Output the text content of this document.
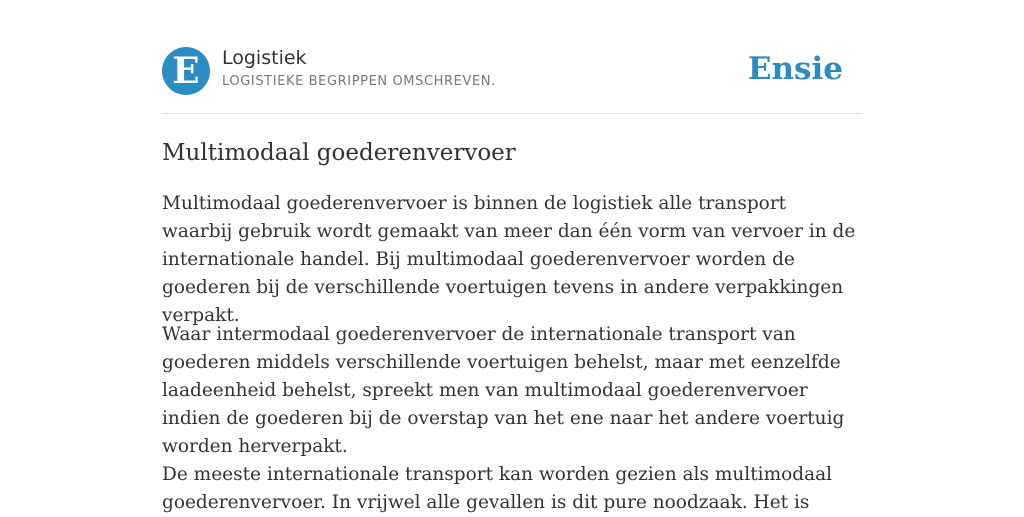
E	Logistiek
LOGISTIEKE BEGRIPPEN OMSCHREVEN.	Ensie
Multimodaal goederenvervoer

Multimodaal goederenvervoer is binnen de logistiek alle transport waarbij gebruik wordt gemaakt van meer dan één vorm van vervoer in de internationale handel. Bij multimodaal goederenvervoer worden de goederen bij de verschillende voertuigen tevens in andere verpakkingen verpakt.

Waar intermodaal goederenvervoer de internationale transport van goederen middels verschillende voertuigen behelst, maar met eenzelfde laadeenheid behelst, spreekt men van multimodaal goederenvervoer indien de goederen bij de overstap van het ene naar het andere voertuig worden herverpakt.

De meeste internationale transport kan worden gezien als multimodaal goederenvervoer. In vrijwel alle gevallen is dit pure noodzaak. Het is
